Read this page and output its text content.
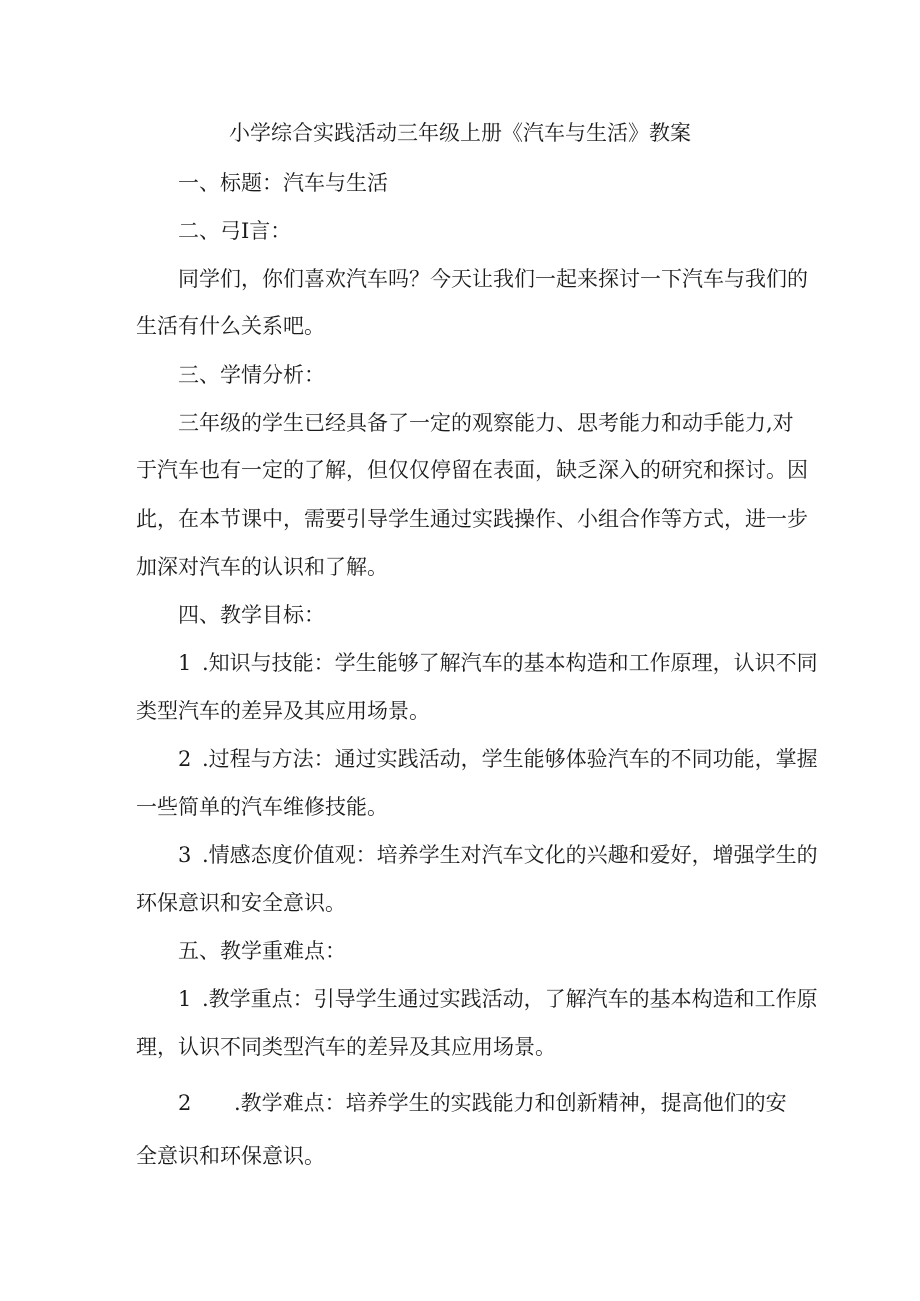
小学综合实践活动三年级上册《汽车与生活》教案
一、标题：汽车与生活
二、弓I言：
同学们，你们喜欢汽车吗？今天让我们一起来探讨一下汽车与我们的
生活有什么关系吧。
三、学情分析：
三年级的学生已经具备了一定的观察能力、思考能力和动手能力,对
于汽车也有一定的了解，但仅仅停留在表面，缺乏深入的研究和探讨。因
此，在本节课中，需要引导学生通过实践操作、小组合作等方式，进一步
加深对汽车的认识和了解。
四、教学目标：
1 .知识与技能：学生能够了解汽车的基本构造和工作原理，认识不同
类型汽车的差异及其应用场景。
2 .过程与方法：通过实践活动，学生能够体验汽车的不同功能，掌握
一些简单的汽车维修技能。
3 .情感态度价值观：培养学生对汽车文化的兴趣和爱好，增强学生的
环保意识和安全意识。
五、教学重难点：
1 .教学重点：引导学生通过实践活动，了解汽车的基本构造和工作原
理，认识不同类型汽车的差异及其应用场景。
2 .教学难点：培养学生的实践能力和创新精神，提高他们的安
全意识和环保意识。
